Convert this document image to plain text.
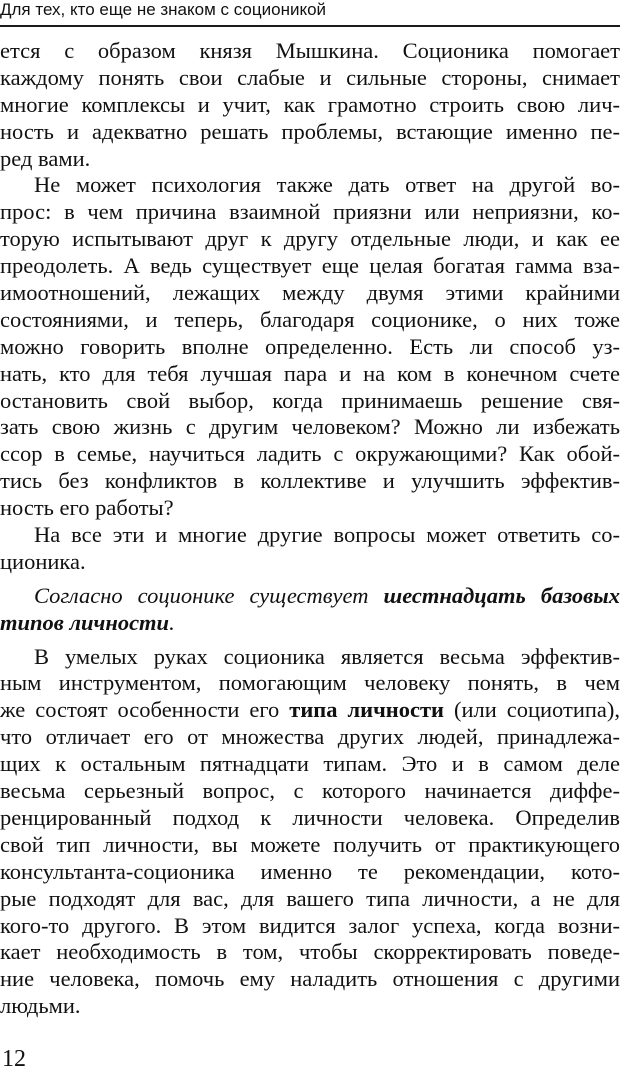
Для тех, кто еще не знаком с соционикой
ется с образом князя Мышкина. Соционика помогает
каждому понять свои слабые и сильные стороны, снимает
многие комплексы и учит, как грамотно строить свою лич-
ность и адекватно решать проблемы, встающие именно пе-
ред вами.
Не может психология также дать ответ на другой во-
прос: в чем причина взаимной приязни или неприязни, ко-
торую испытывают друг к другу отдельные люди, и как ее
преодолеть. А ведь существует еще целая богатая гамма вза-
имоотношений, лежащих между двумя этими крайними
состояниями, и теперь, благодаря соционике, о них тоже
можно говорить вполне определенно. Есть ли способ уз-
нать, кто для тебя лучшая пара и на ком в конечном счете
остановить свой выбор, когда принимаешь решение свя-
зать свою жизнь с другим человеком? Можно ли избежать
ссор в семье, научиться ладить с окружающими? Как обой-
тись без конфликтов в коллективе и улучшить эффектив-
ность его работы?
На все эти и многие другие вопросы может ответить со-
ционика.
Согласно соционике существует шестнадцать базовых
типов личности.
В умелых руках соционика является весьма эффектив-
ным инструментом, помогающим человеку понять, в чем
же состоят особенности его типа личности (или социотипа),
что отличает его от множества других людей, принадлежа-
щих к остальным пятнадцати типам. Это и в самом деле
весьма серьезный вопрос, с которого начинается диффе-
ренцированный подход к личности человека. Определив
свой тип личности, вы можете получить от практикующего
консультанта-соционика именно те рекомендации, кото-
рые подходят для вас, для вашего типа личности, а не для
кого-то другого. В этом видится залог успеха, когда возни-
кает необходимость в том, чтобы скорректировать поведе-
ние человека, помочь ему наладить отношения с другими
людьми.
12
